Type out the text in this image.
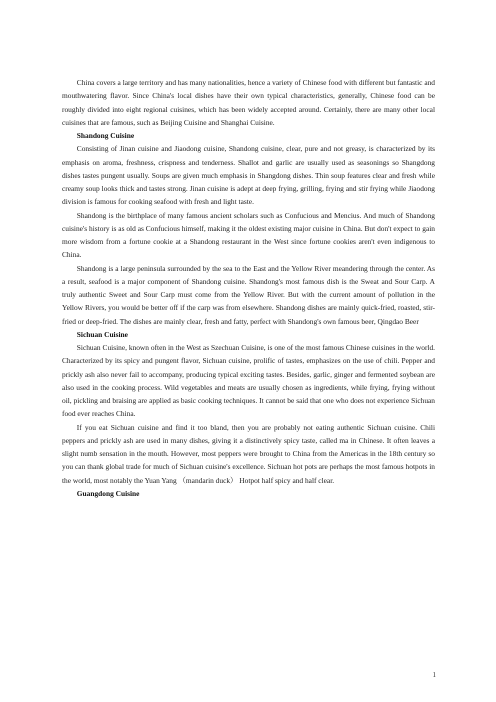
China covers a large territory and has many nationalities, hence a variety of Chinese food with different but fantastic and mouthwatering flavor. Since China's local dishes have their own typical characteristics, generally, Chinese food can be roughly divided into eight regional cuisines, which has been widely accepted around. Certainly, there are many other local cuisines that are famous, such as Beijing Cuisine and Shanghai Cuisine.

Shandong Cuisine

Consisting of Jinan cuisine and Jiaodong cuisine, Shandong cuisine, clear, pure and not greasy, is characterized by its emphasis on aroma, freshness, crispness and tenderness. Shallot and garlic are usually used as seasonings so Shangdong dishes tastes pungent usually. Soups are given much emphasis in Shangdong dishes. Thin soup features clear and fresh while creamy soup looks thick and tastes strong. Jinan cuisine is adept at deep frying, grilling, frying and stir frying while Jiaodong division is famous for cooking seafood with fresh and light taste.

Shandong is the birthplace of many famous ancient scholars such as Confucious and Mencius. And much of Shandong cuisine's history is as old as Confucious himself, making it the oldest existing major cuisine in China. But don't expect to gain more wisdom from a fortune cookie at a Shandong restaurant in the West since fortune cookies aren't even indigenous to China.

Shandong is a large peninsula surrounded by the sea to the East and the Yellow River meandering through the center. As a result, seafood is a major component of Shandong cuisine. Shandong's most famous dish is the Sweat and Sour Carp. A truly authentic Sweet and Sour Carp must come from the Yellow River. But with the current amount of pollution in the Yellow Rivers, you would be better off if the carp was from elsewhere. Shandong dishes are mainly quick-fried, roasted, stir-fried or deep-fried. The dishes are mainly clear, fresh and fatty, perfect with Shandong's own famous beer, Qingdao Beer

Sichuan Cuisine

Sichuan Cuisine, known often in the West as Szechuan Cuisine, is one of the most famous Chinese cuisines in the world. Characterized by its spicy and pungent flavor, Sichuan cuisine, prolific of tastes, emphasizes on the use of chili. Pepper and prickly ash also never fail to accompany, producing typical exciting tastes. Besides, garlic, ginger and fermented soybean are also used in the cooking process. Wild vegetables and meats are usually chosen as ingredients, while frying, frying without oil, pickling and braising are applied as basic cooking techniques. It cannot be said that one who does not experience Sichuan food ever reaches China.

If you eat Sichuan cuisine and find it too bland, then you are probably not eating authentic Sichuan cuisine. Chili peppers and prickly ash are used in many dishes, giving it a distinctively spicy taste, called ma in Chinese. It often leaves a slight numb sensation in the mouth. However, most peppers were brought to China from the Americas in the 18th century so you can thank global trade for much of Sichuan cuisine's excellence. Sichuan hot pots are perhaps the most famous hotpots in the world, most notably the Yuan Yang （mandarin duck） Hotpot half spicy and half clear.

Guangdong Cuisine
1
